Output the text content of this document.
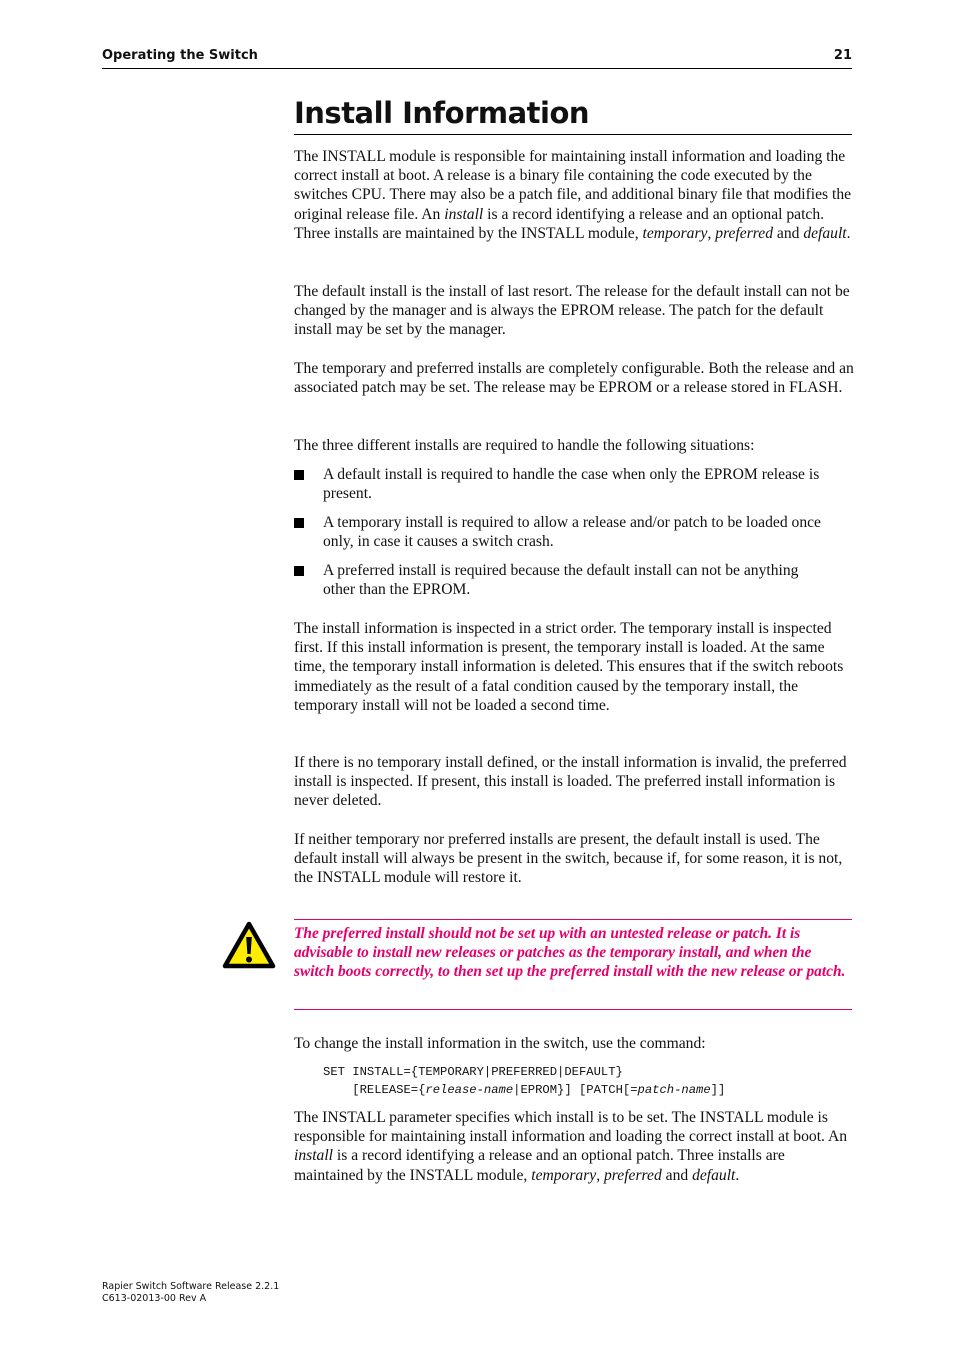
Operating the Switch	21
Install Information

The INSTALL module is responsible for maintaining install information and loading the correct install at boot. A release is a binary file containing the code executed by the switches CPU. There may also be a patch file, and additional binary file that modifies the original release file. An install is a record identifying a release and an optional patch. Three installs are maintained by the INSTALL module, temporary, preferred and default.

The default install is the install of last resort. The release for the default install can not be changed by the manager and is always the EPROM release. The patch for the default install may be set by the manager.

The temporary and preferred installs are completely configurable. Both the release and an associated patch may be set. The release may be EPROM or a release stored in FLASH.

The three different installs are required to handle the following situations:

A default install is required to handle the case when only the EPROM release is present.
A temporary install is required to allow a release and/or patch to be loaded once only, in case it causes a switch crash.
A preferred install is required because the default install can not be anything other than the EPROM.

The install information is inspected in a strict order. The temporary install is inspected first. If this install information is present, the temporary install is loaded. At the same time, the temporary install information is deleted. This ensures that if the switch reboots immediately as the result of a fatal condition caused by the temporary install, the temporary install will not be loaded a second time.

If there is no temporary install defined, or the install information is invalid, the preferred install is inspected. If present, this install is loaded. The preferred install information is never deleted.

If neither temporary nor preferred installs are present, the default install is used. The default install will always be present in the switch, because if, for some reason, it is not, the INSTALL module will restore it.

The preferred install should not be set up with an untested release or patch. It is advisable to install new releases or patches as the temporary install, and when the switch boots correctly, to then set up the preferred install with the new release or patch.

To change the install information in the switch, use the command:

SET INSTALL={TEMPORARY|PREFERRED|DEFAULT}
[RELEASE={release-name|EPROM}] [PATCH[=patch-name]]

The INSTALL parameter specifies which install is to be set. The INSTALL module is responsible for maintaining install information and loading the correct install at boot. An install is a record identifying a release and an optional patch. Three installs are maintained by the INSTALL module, temporary, preferred and default.

Rapier Switch Software Release 2.2.1
C613-02013-00 Rev A
